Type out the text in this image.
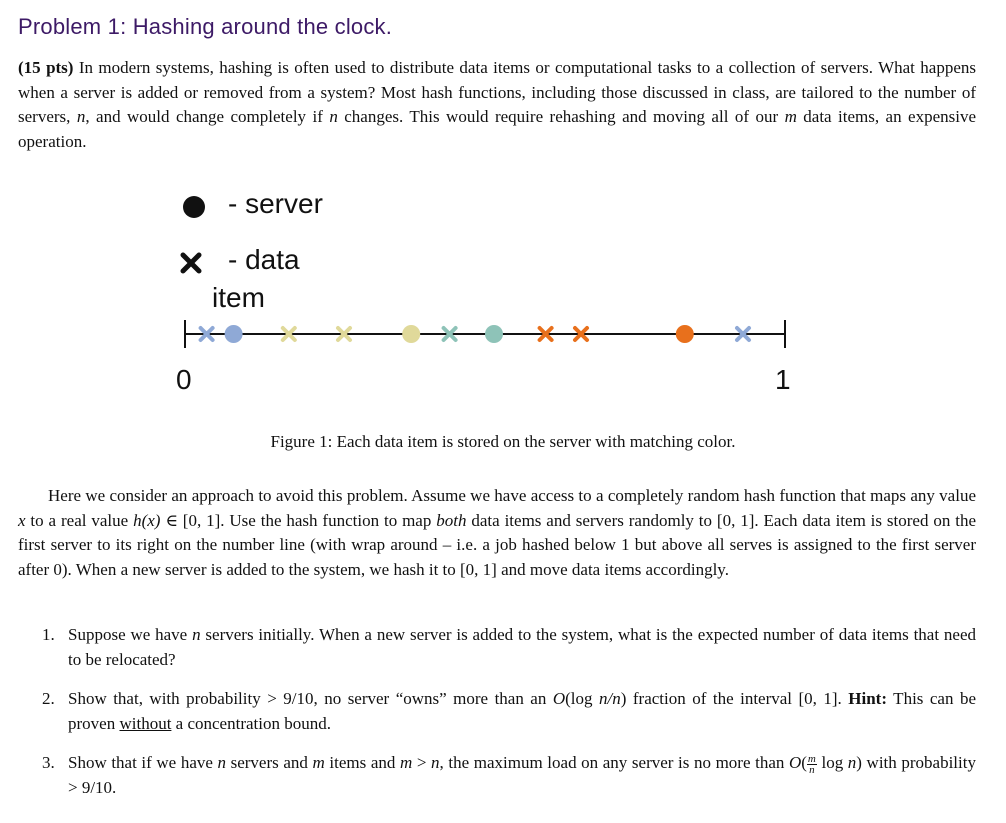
Problem 1: Hashing around the clock.
(15 pts) In modern systems, hashing is often used to distribute data items or computational tasks to a collection of servers. What happens when a server is added or removed from a system? Most hash functions, including those discussed in class, are tailored to the number of servers, n, and would change completely if n changes. This would require rehashing and moving all of our m data items, an expensive operation.
- server
- data
item
0	1
Figure 1: Each data item is stored on the server with matching color.
Here we consider an approach to avoid this problem. Assume we have access to a completely random hash function that maps any value x to a real value h(x) ∈ [0, 1]. Use the hash function to map both data items and servers randomly to [0, 1]. Each data item is stored on the first server to its right on the number line (with wrap around – i.e. a job hashed below 1 but above all serves is assigned to the first server after 0). When a new server is added to the system, we hash it to [0, 1] and move data items accordingly.
1. Suppose we have n servers initially. When a new server is added to the system, what is the expected number of data items that need to be relocated?
2. Show that, with probability > 9/10, no server “owns” more than an O(log n/n) fraction of the interval [0, 1]. Hint: This can be proven without a concentration bound.
3. Show that if we have n servers and m items and m > n, the maximum load on any server is no more than $O( \frac{m}{n}$ log n) with probability > 9/10.
